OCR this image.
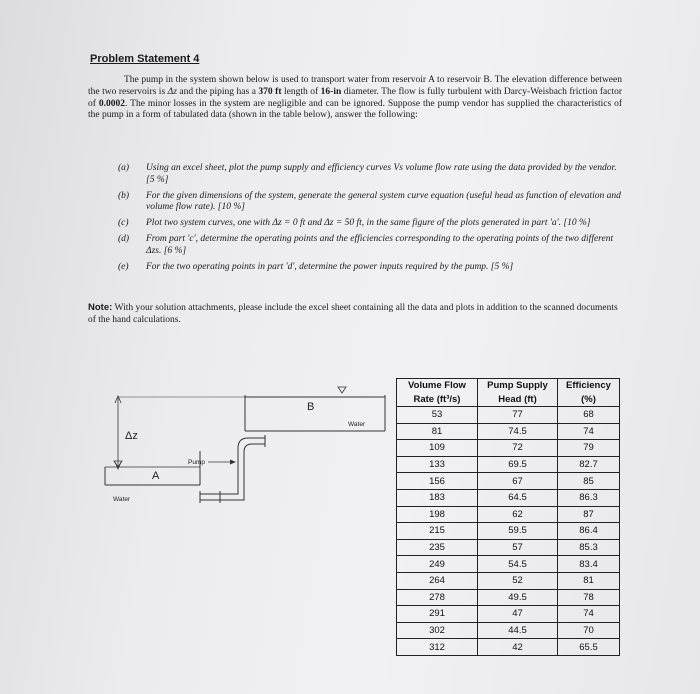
Problem Statement 4

The pump in the system shown below is used to transport water from reservoir A to reservoir B. The elevation difference between the two reservoirs is Δz and the piping has a 370 ft length of 16-in diameter. The flow is fully turbulent with Darcy-Weisbach friction factor of 0.0002. The minor losses in the system are negligible and can be ignored. Suppose the pump vendor has supplied the characteristics of the pump in a form of tabulated data (shown in the table below), answer the following:

(a) Using an excel sheet, plot the pump supply and efficiency curves Vs volume flow rate using the data provided by the vendor. [5 %]
(b) For the given dimensions of the system, generate the general system curve equation (useful head as function of elevation and volume flow rate). [10 %]
(c) Plot two system curves, one with Δz = 0 ft and Δz = 50 ft, in the same figure of the plots generated in part 'a'. [10 %]
(d) From part 'c', determine the operating points and the efficiencies corresponding to the operating points of the two different Δzs. [6 %]
(e) For the two operating points in part 'd', determine the power inputs required by the pump. [5 %]

Note: With your solution attachments, please include the excel sheet containing all the data and plots in addition to the scanned documents of the hand calculations.

B
Water
Δz
A
Water
Pump
Volume Flow	Pump Supply	Efficiency
Rate (ft³/s)	Head (ft)	(%)
53	77	68
81	74.5	74
109	72	79
133	69.5	82.7
156	67	85
183	64.5	86.3
198	62	87
215	59.5	86.4
235	57	85.3
249	54.5	83.4
264	52	81
278	49.5	78
291	47	74
302	44.5	70
312	42	65.5
